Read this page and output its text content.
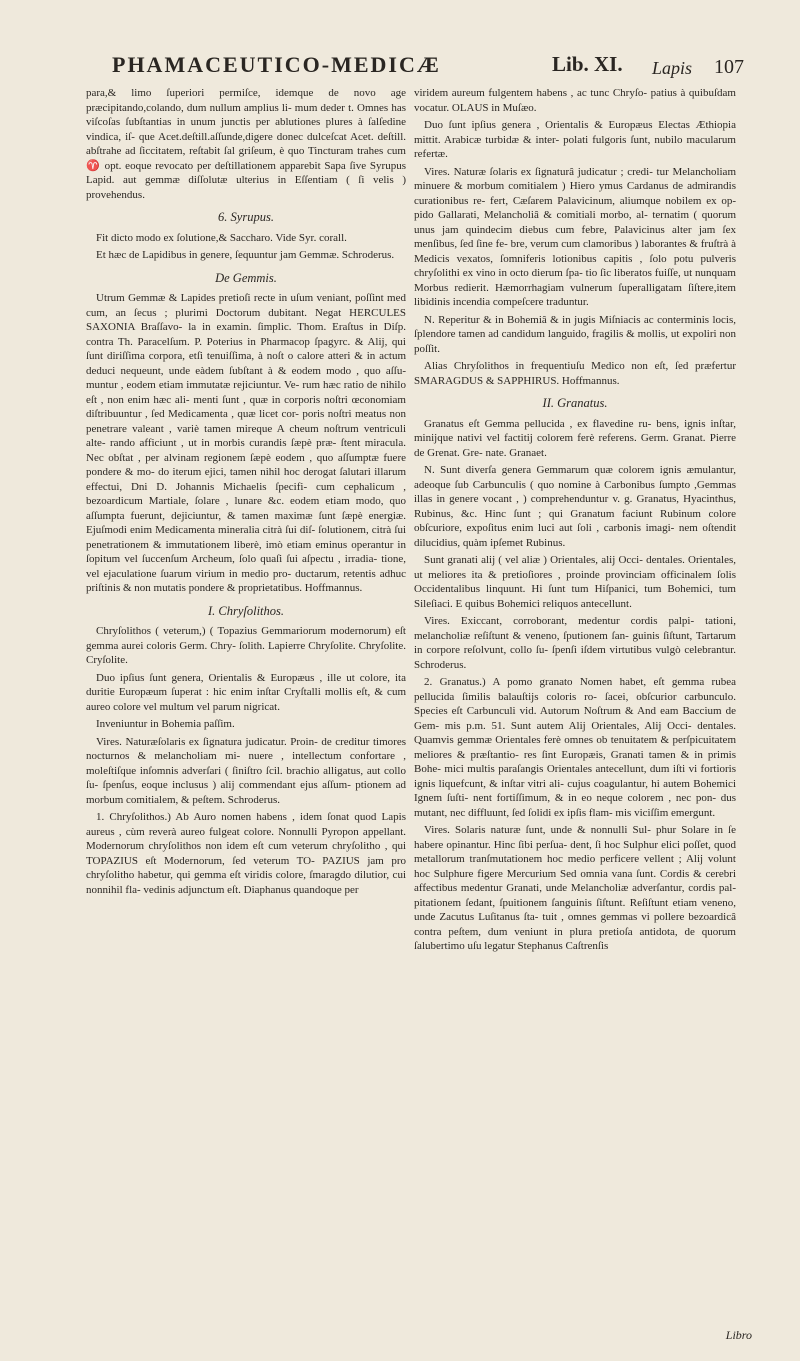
PHAMACEUTICO-MEDICÆ	Lib. XI. Lapis 107

para,& limo ſuperiori permiſce, idemque de novo age præcipitando,colando, dum nullum amplius li- mum deder t. Omnes has viſcoſas ſubſtantias in unum junctis per ablutiones plures à ſalſedine vindica, iſ- que Acet.deſtill.aſſunde,digere donec dulceſcat Acet. deſtill. abſtrahe ad ſiccitatem, reſtabit ſal griſeum, è quo Tincturam trahes cum ♈ opt. eoque revocato per deſtillationem apparebit Sapa ſive Syrupus Lapid. aut gemmæ diſſolutæ ulterius in Eſſentiam ( ſi velis ) provehendus.

6. Syrupus.

Fit dicto modo ex ſolutione,& Saccharo. Vide Syr. corall.

Et hæc de Lapidibus in genere, ſequuntur jam Gemmæ. Schroderus.

De Gemmis.

Utrum Gemmæ & Lapides pretioſi recte in uſum veniant, poſſint med cum, an ſecus ; plurimi Doctorum dubitant. Negat HERCULES SAXONIA Braſſavo- la in examin. ſimplic. Thom. Eraſtus in Diſp. contra Th. Paracelſum. P. Poterius in Pharmacop ſpagyrc. & Alij, qui ſunt diriſſima corpora, etſi tenuiſſima, à noſt o calore atteri & in actum deduci nequeunt, unde eàdem ſubſtant à & eodem modo , quo aſſu- muntur , eodem etiam immutatæ rejiciuntur. Ve- rum hæc ratio de nihilo eſt , non enim hæc ali- menti ſunt , quæ in corporis noſtri œconomiam diſtribuuntur , ſed Medicamenta , quæ licet cor- poris noſtri meatus non penetrare valeant , variè tamen mireque A cheum noſtrum ventriculi alte- rando afficiunt , ut in morbis curandis ſæpè præ- ſtent miracula. Nec obſtat , per alvinam regionem ſæpè eodem , quo aſſumptæ fuere pondere & mo- do iterum ejici, tamen nihil hoc derogat ſalutari illarum effectui, Dni D. Johannis Michaelis ſpecifi- cum cephalicum , bezoardicum Martiale, ſolare , lunare &c. eodem etiam modo, quo aſſumpta fuerunt, dejiciuntur, & tamen maximæ ſunt ſæpè energiæ. Ejuſmodi enim Medicamenta mineralia citrà ſui diſ- ſolutionem, citrà ſui penetrationem & immutationem liberè, imò etiam eminus operantur in ſopitum vel ſuccenſum Archeum, ſolo quaſi ſui aſpectu , irradia- tione, vel ejaculatione ſuarum virium in medio pro- ductarum, retentis adhuc priſtinis & non mutatis pondere & proprietatibus. Hoffmannus.

I. Chryſolithos.

Chryſolithos ( veterum,) ( Topazius Gemmariorum modernorum) eſt gemma aurei coloris Germ. Chry- ſolith. Lapierre Chryſolite. Chryſolite. Cryſolite.

Duo ipſius ſunt genera, Orientalis & Europæus , ille ut colore, ita duritie Europæum ſuperat : hic enim inſtar Cryſtalli mollis eſt, & cum aureo colore vel multum vel parum nigricat.

Inveniuntur in Bohemia paſſim.

Vires. Naturæſolaris ex ſignatura judicatur. Proin- de creditur timores nocturnos & melancholiam mi- nuere , intellectum confortare , moleſtiſque inſomnis adverſari ( ſiniſtro ſcil. brachio alligatus, aut collo ſu- ſpenſus, eoque inclusus ) alij commendant ejus aſſum- ptionem ad morbum comitialem, & peſtem. Schroderus.

1. Chryſolithos.) Ab Auro nomen habens , idem ſonat quod Lapis aureus , cùm reverà aureo fulgeat colore. Nonnulli Pyropon appellant. Modernorum chryſolithos non idem eſt cum veterum chryſolitho , qui TOPAZIUS eſt Modernorum, ſed veterum TO- PAZIUS jam pro chryſolitho habetur, qui gemma eſt viridis colore, ſmaragdo dilutior, cui nonnihil fla- vedinis adjunctum eſt. Diaphanus quandoque per

viridem aureum fulgentem habens , ac tunc Chryſo- patius à quibuſdam vocatur. OLAUS in Muſæo.

Duo ſunt ipſius genera , Orientalis & Europæus Electas Æthiopia mittit. Arabicæ turbidæ & inter- polati fulgoris ſunt, nubilo macularum refertæ.

Vires. Naturæ ſolaris ex ſignaturâ judicatur ; credi- tur Melancholiam minuere & morbum comitialem ) Hiero ymus Cardanus de admirandis curationibus re- fert, Cæſarem Palavicinum, aliumque nobilem ex op- pido Gallarati, Melancholiâ & comitiali morbo, al- ternatim ( quorum unus jam quindecim diebus cum febre, Palavicinus alter jam ſex menſibus, ſed ſine fe- bre, verum cum clamoribus ) laborantes & fruſtrà à Medicis vexatos, ſomniferis lotionibus capitis , ſolo potu pulveris chryſolithi ex vino in octo dierum ſpa- tio ſic liberatos fuiſſe, ut nunquam Morbus redierit. Hæmorrhagiam vulnerum ſuperalligatam ſiſtere,item libidinis incendia compeſcere traduntur.

N. Reperitur & in Bohemiâ & in jugis Miſniacis ac conterminis locis, ſplendore tamen ad candidum languido, fragilis & mollis, ut expoliri non poſſit.

Alias Chryſolithos in frequentiuſu Medico non eſt, ſed præfertur SMARAGDUS & SAPPHIRUS. Hoffmannus.

II. Granatus.

Granatus eſt Gemma pellucida , ex flavedine ru- bens, ignis inſtar, minijque nativi vel factitij colorem ferè referens. Germ. Granat. Pierre de Grenat. Gre- nate. Granaet.

N. Sunt diverſa genera Gemmarum quæ colorem ignis æmulantur, adeoque ſub Carbunculis ( quo nomine à Carbonibus ſumpto ,Gemmas illas in genere vocant , ) comprehenduntur v. g. Granatus, Hyacinthus, Rubinus, &c. Hinc ſunt ; qui Granatum faciunt Rubinum colore obſcuriore, expoſitus enim luci aut ſoli , carbonis imagi- nem oſtendit dilucidius, quàm ipſemet Rubinus.

Sunt granati alij ( vel aliæ ) Orientales, alij Occi- dentales. Orientales, ut meliores ita & pretioſiores , proinde provinciam officinalem ſolis Occidentalibus linquunt. Hi ſunt tum Hiſpanici, tum Bohemici, tum Sileſiaci. E quibus Bohemici reliquos antecellunt.

Vires. Exiccant, corroborant, medentur cordis palpi- tationi, melancholiæ reſiſtunt & veneno, ſputionem ſan- guinis ſiſtunt, Tartarum in corpore reſolvunt, collo ſu- ſpenſi iſdem virtutibus vulgò celebrantur. Schroderus.

2. Granatus.) A pomo granato Nomen habet, eſt gemma rubea pellucida ſimilis balauſtijs coloris ro- ſacei, obſcurior carbunculo. Species eſt Carbunculi vid. Autorum Noſtrum & And eam Baccium de Gem- mis p.m. 51. Sunt autem Alij Orientales, Alij Occi- dentales. Quamvis gemmæ Orientales ferè omnes ob tenuitatem & perſpicuitatem meliores & præſtantio- res ſint Europæis, Granati tamen & in primis Bohe- mici multis paraſangis Orientales antecellunt, dum iſti vi fortioris ignis liquefcunt, & inſtar vitri ali- cujus coagulantur, hi autem Bohemici Ignem ſuſti- nent fortiſſimum, & in eo neque colorem , nec pon- dus mutant, nec diffluunt, ſed ſolidi ex ipſis flam- mis viciſſim emergunt.

Vires. Solaris naturæ ſunt, unde & nonnulli Sul- phur Solare in ſe habere opinantur. Hinc ſibi perſua- dent, ſi hoc Sulphur elici poſſet, quod metallorum tranſmutationem hoc medio perficere vellent ; Alij volunt hoc Sulphure figere Mercurium Sed omnia vana ſunt. Cordis & cerebri affectibus medentur Granati, unde Melancholiæ adverſantur, cordis pal- pitationem ſedant, ſpuitionem ſanguinis ſiſtunt. Reſiſtunt etiam veneno, unde Zacutus Luſitanus ſta- tuit , omnes gemmas vi pollere bezoardicâ contra peſtem, dum veniunt in plura pretioſa antidota, de quorum ſalubertimo uſu legatur Stephanus Caſtrenſis

Libro
